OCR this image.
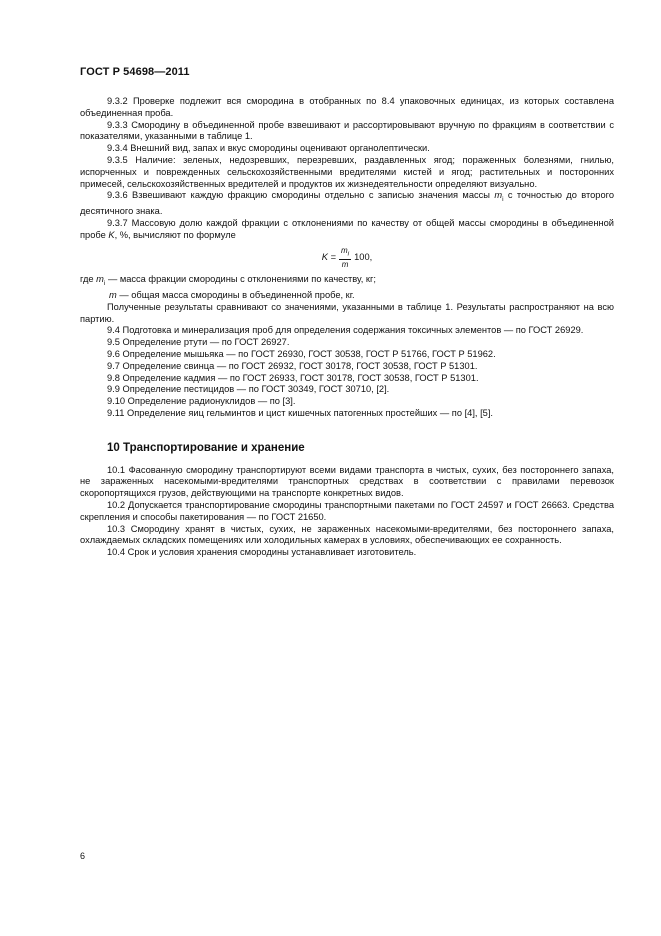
ГОСТ Р 54698—2011

9.3.2 Проверке подлежит вся смородина в отобранных по 8.4 упаковочных единицах, из которых составлена объединенная проба.

9.3.3 Смородину в объединенной пробе взвешивают и рассортировывают вручную по фракциям в соответствии с показателями, указанными в таблице 1.

9.3.4 Внешний вид, запах и вкус смородины оценивают органолептически.

9.3.5 Наличие: зеленых, недозревших, перезревших, раздавленных ягод; пораженных болезнями, гнилью, испорченных и поврежденных сельскохозяйственными вредителями кистей и ягод; растительных и посторонних примесей, сельскохозяйственных вредителей и продуктов их жизнедеятельности определяют визуально.

9.3.6 Взвешивают каждую фракцию смородины отдельно с записью значения массы $m_i$ с точностью до второго десятичного знака.

9.3.7 Массовую долю каждой фракции с отклонениями по качеству от общей массы смородины в объединенной пробе K, %, вычисляют по формуле

$K = \frac{m_i}{m} 100$,

где $m_i$ — масса фракции смородины с отклонениями по качеству, кг;

m — общая масса смородины в объединенной пробе, кг.

Полученные результаты сравнивают со значениями, указанными в таблице 1. Результаты распространяют на всю партию.

9.4 Подготовка и минерализация проб для определения содержания токсичных элементов — по ГОСТ 26929.

9.5 Определение ртути — по ГОСТ 26927.

9.6 Определение мышьяка — по ГОСТ 26930, ГОСТ 30538, ГОСТ Р 51766, ГОСТ Р 51962.

9.7 Определение свинца — по ГОСТ 26932, ГОСТ 30178, ГОСТ 30538, ГОСТ Р 51301.

9.8 Определение кадмия — по ГОСТ 26933, ГОСТ 30178, ГОСТ 30538, ГОСТ Р 51301.

9.9 Определение пестицидов — по ГОСТ 30349, ГОСТ 30710, [2].

9.10 Определение радионуклидов — по [3].

9.11 Определение яиц гельминтов и цист кишечных патогенных простейших — по [4], [5].

10 Транспортирование и хранение

10.1 Фасованную смородину транспортируют всеми видами транспорта в чистых, сухих, без постороннего запаха, не зараженных насекомыми-вредителями транспортных средствах в соответствии с правилами перевозок скоропортящихся грузов, действующими на транспорте конкретных видов.

10.2 Допускается транспортирование смородины транспортными пакетами по ГОСТ 24597 и ГОСТ 26663. Средства скрепления и способы пакетирования — по ГОСТ 21650.

10.3 Смородину хранят в чистых, сухих, не зараженных насекомыми-вредителями, без постороннего запаха, охлаждаемых складских помещениях или холодильных камерах в условиях, обеспечивающих ее сохранность.

10.4 Срок и условия хранения смородины устанавливает изготовитель.

6
